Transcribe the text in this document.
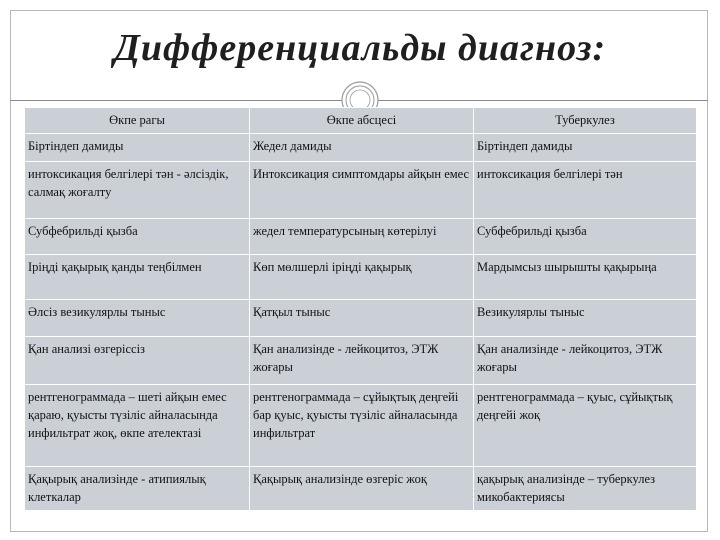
Дифференциальды диагноз:
Өкпе рагы	Өкпе абсцесі	Туберкулез
Біртіндеп дамиды	Жедел дамиды	Біртіндеп дамиды
интоксикация белгілері тән - әлсіздік, салмақ жоғалту	Интоксикация симптомдары айқын емес	интоксикация белгілері тән
Субфебрильді қызба	жедел температурсының көтерілуі	Субфебрильді қызба
Іріңді қақырық қанды теңбілмен	Көп мөлшерлі іріңді қақырық	Мардымсыз шырышты қақырыңа
Әлсіз везикулярлы тыныс	Қатқыл тыныс	Везикулярлы тыныс
Қан анализі өзгеріссіз	Қан анализінде - лейкоцитоз, ЭТЖ жоғары	Қан анализінде - лейкоцитоз, ЭТЖ жоғары
рентгенограммада – шеті айқын емес қараю, қуысты түзіліс айналасында инфильтрат жоқ, өкпе ателектазі	рентгенограммада – сұйықтық деңгейі бар қуыс, қуысты түзіліс айналасында инфильтрат	рентгенограммада – қуыс, сұйықтық деңгейі жоқ
Қақырық анализінде - атипиялық клеткалар	Қақырық анализінде өзгеріс жоқ	қақырық анализінде – туберкулез микобактериясы
